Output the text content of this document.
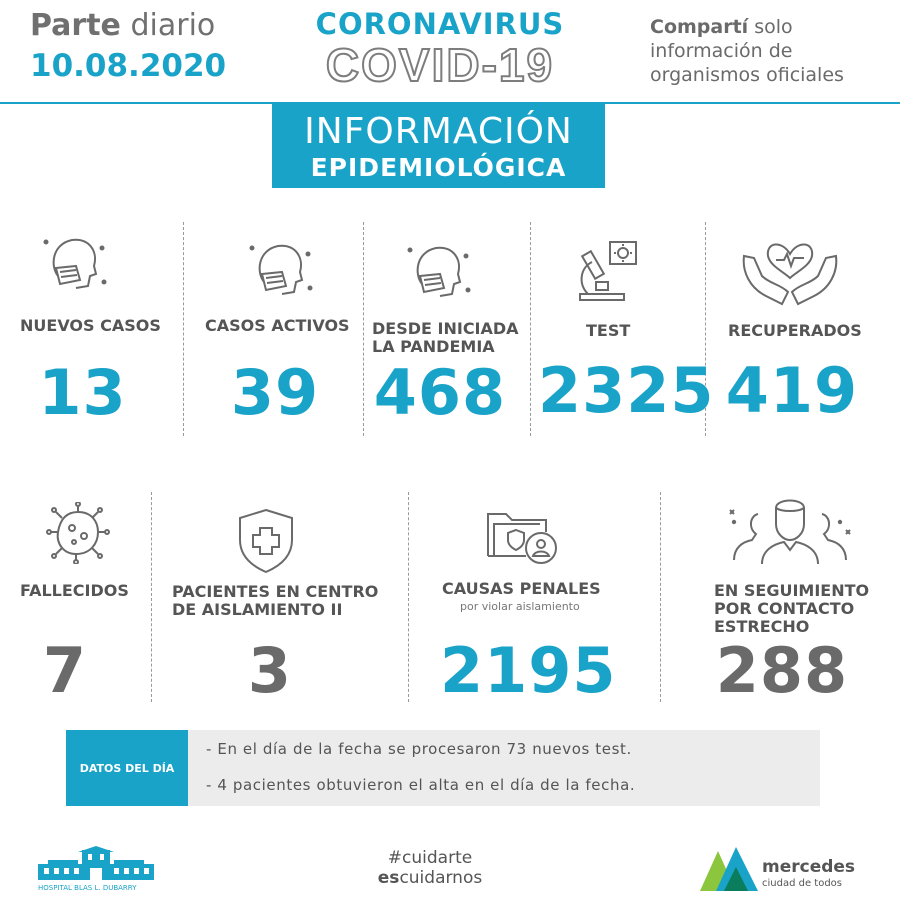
Parte diario
10.08.2020
CORONAVIRUS
COVID-19
Compartí solo
información de
organismos oficiales
INFORMACIÓN
EPIDEMIOLÓGICA
NUEVOS CASOS
13
CASOS ACTIVOS
39
DESDE INICIADA
LA PANDEMIA
468
TEST
2325
RECUPERADOS
419
FALLECIDOS
7
PACIENTES EN CENTRO
DE AISLAMIENTO II
3
CAUSAS PENALES
por violar aislamiento
2195
EN SEGUIMIENTO
POR CONTACTO
ESTRECHO
288
DATOS DEL DÍA
- En el día de la fecha se procesaron 73 nuevos test.
- 4 pacientes obtuvieron el alta en el día de la fecha.
HOSPITAL BLAS L. DUBARRY
#cuidarte
escuidarnos
mercedes
ciudad de todos
